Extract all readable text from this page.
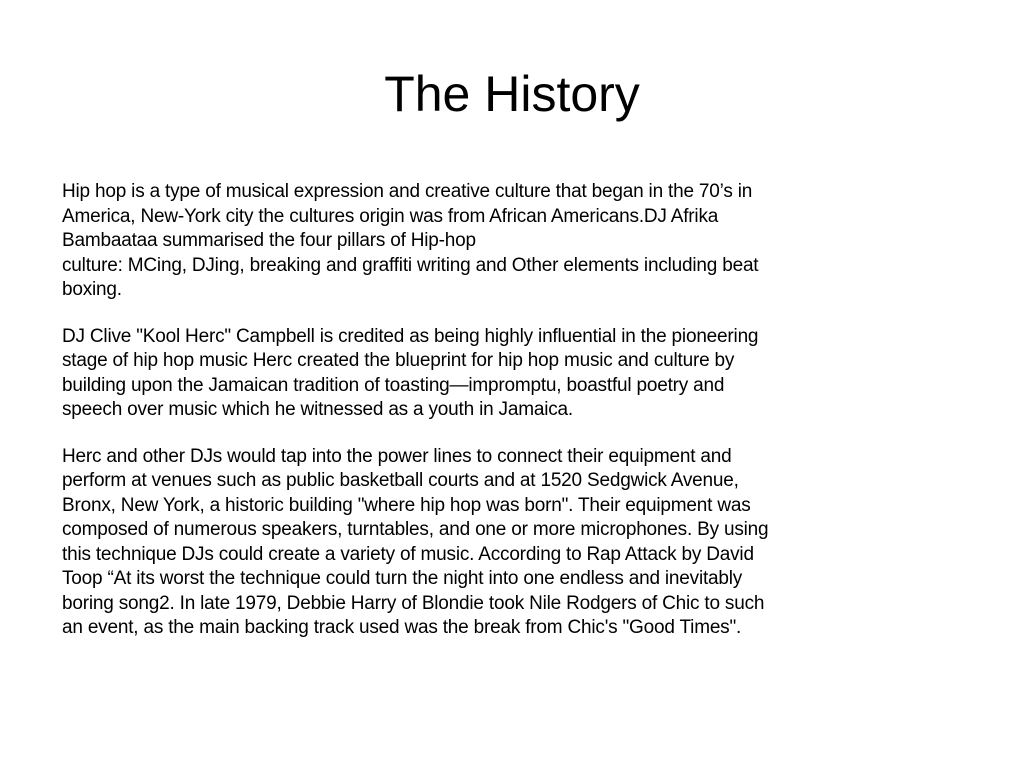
The History

Hip hop is a type of musical expression and creative culture that began in the 70’s in
America, New-York city the cultures origin was from African Americans.DJ Afrika
Bambaataa summarised the four pillars of Hip-hop
culture: MCing, DJing, breaking and graffiti writing and Other elements including beat
boxing.

DJ Clive "Kool Herc" Campbell is credited as being highly influential in the pioneering
stage of hip hop music Herc created the blueprint for hip hop music and culture by
building upon the Jamaican tradition of toasting—impromptu, boastful poetry and
speech over music which he witnessed as a youth in Jamaica.

Herc and other DJs would tap into the power lines to connect their equipment and
perform at venues such as public basketball courts and at 1520 Sedgwick Avenue,
Bronx, New York, a historic building "where hip hop was born". Their equipment was
composed of numerous speakers, turntables, and one or more microphones. By using
this technique DJs could create a variety of music. According to Rap Attack by David
Toop “At its worst the technique could turn the night into one endless and inevitably
boring song2. In late 1979, Debbie Harry of Blondie took Nile Rodgers of Chic to such
an event, as the main backing track used was the break from Chic's "Good Times".
